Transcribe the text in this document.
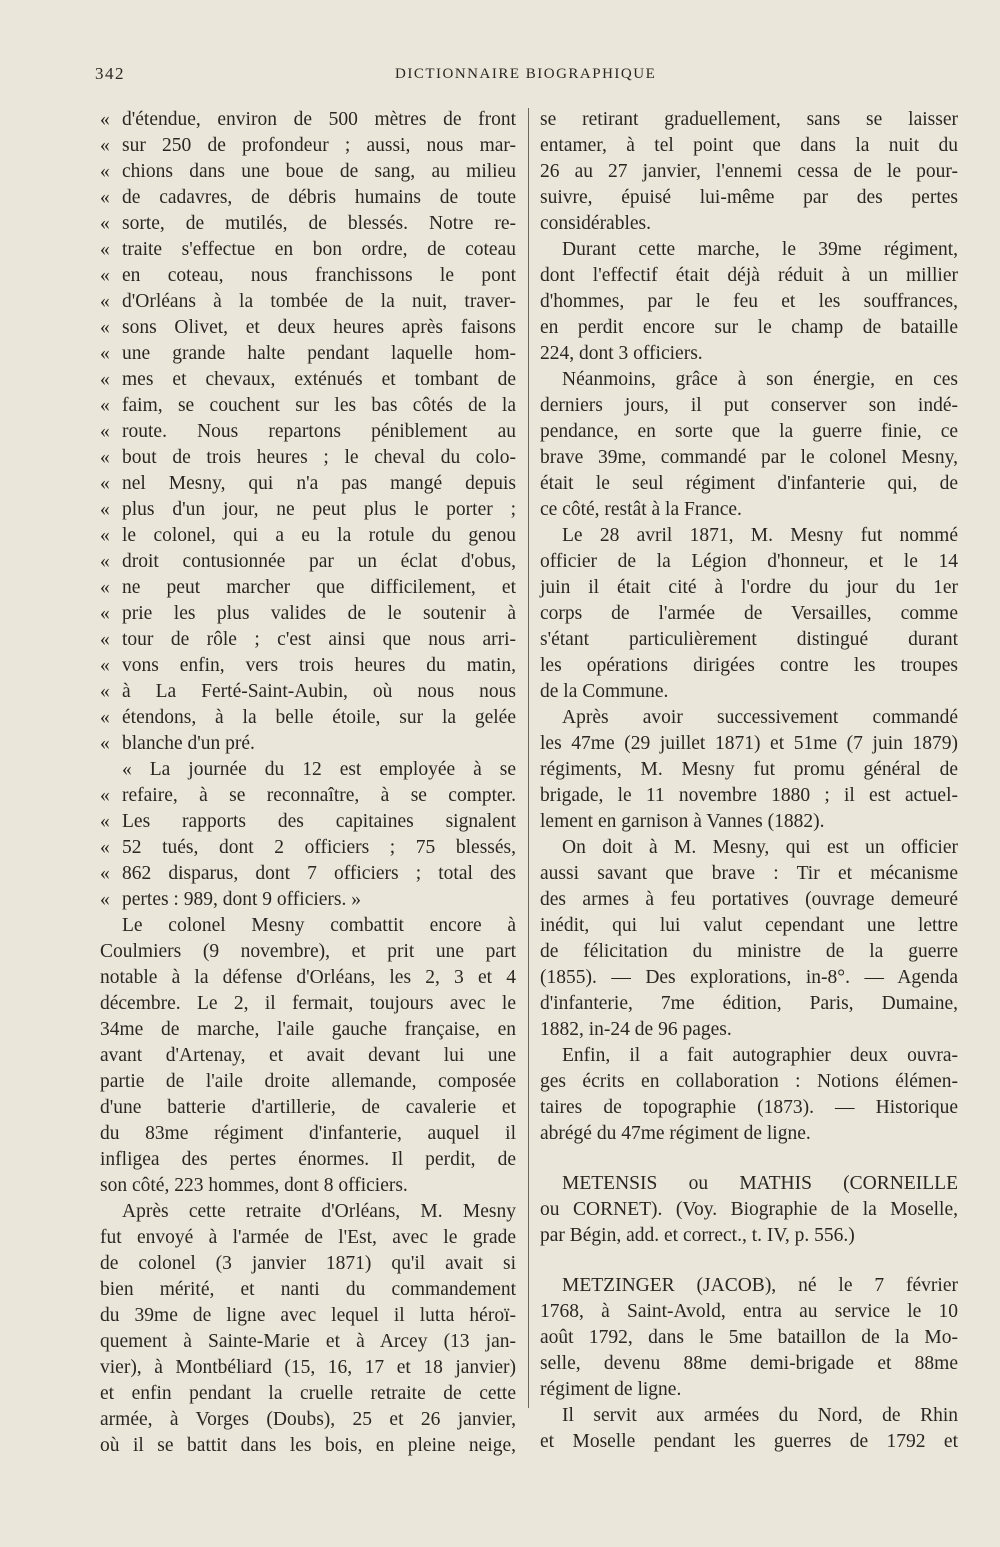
342	DICTIONNAIRE BIOGRAPHIQUE
« d'étendue, environ de 500 mètres de front
« sur 250 de profondeur ; aussi, nous mar-
« chions dans une boue de sang, au milieu
« de cadavres, de débris humains de toute
« sorte, de mutilés, de blessés. Notre re-
« traite s'effectue en bon ordre, de coteau
« en coteau, nous franchissons le pont
« d'Orléans à la tombée de la nuit, traver-
« sons Olivet, et deux heures après faisons
« une grande halte pendant laquelle hom-
« mes et chevaux, exténués et tombant de
« faim, se couchent sur les bas côtés de la
« route. Nous repartons péniblement au
« bout de trois heures ; le cheval du colo-
« nel Mesny, qui n'a pas mangé depuis
« plus d'un jour, ne peut plus le porter ;
« le colonel, qui a eu la rotule du genou
« droit contusionnée par un éclat d'obus,
« ne peut marcher que difficilement, et
« prie les plus valides de le soutenir à
« tour de rôle ; c'est ainsi que nous arri-
« vons enfin, vers trois heures du matin,
« à La Ferté-Saint-Aubin, où nous nous
« étendons, à la belle étoile, sur la gelée
« blanche d'un pré.
« La journée du 12 est employée à se
« refaire, à se reconnaître, à se compter.
« Les rapports des capitaines signalent
« 52 tués, dont 2 officiers ; 75 blessés,
« 862 disparus, dont 7 officiers ; total des
« pertes : 989, dont 9 officiers. »
Le colonel Mesny combattit encore à
Coulmiers (9 novembre), et prit une part
notable à la défense d'Orléans, les 2, 3 et 4
décembre. Le 2, il fermait, toujours avec le
34me de marche, l'aile gauche française, en
avant d'Artenay, et avait devant lui une
partie de l'aile droite allemande, composée
d'une batterie d'artillerie, de cavalerie et
du 83me régiment d'infanterie, auquel il
infligea des pertes énormes. Il perdit, de
son côté, 223 hommes, dont 8 officiers.
Après cette retraite d'Orléans, M. Mesny
fut envoyé à l'armée de l'Est, avec le grade
de colonel (3 janvier 1871) qu'il avait si
bien mérité, et nanti du commandement
du 39me de ligne avec lequel il lutta héroï-
quement à Sainte-Marie et à Arcey (13 jan-
vier), à Montbéliard (15, 16, 17 et 18 janvier)
et enfin pendant la cruelle retraite de cette
armée, à Vorges (Doubs), 25 et 26 janvier,
où il se battit dans les bois, en pleine neige,
se retirant graduellement, sans se laisser
entamer, à tel point que dans la nuit du
26 au 27 janvier, l'ennemi cessa de le pour-
suivre, épuisé lui-même par des pertes
considérables.
Durant cette marche, le 39me régiment,
dont l'effectif était déjà réduit à un millier
d'hommes, par le feu et les souffrances,
en perdit encore sur le champ de bataille
224, dont 3 officiers.
Néanmoins, grâce à son énergie, en ces
derniers jours, il put conserver son indé-
pendance, en sorte que la guerre finie, ce
brave 39me, commandé par le colonel Mesny,
était le seul régiment d'infanterie qui, de
ce côté, restât à la France.
Le 28 avril 1871, M. Mesny fut nommé
officier de la Légion d'honneur, et le 14
juin il était cité à l'ordre du jour du 1er
corps de l'armée de Versailles, comme
s'étant particulièrement distingué durant
les opérations dirigées contre les troupes
de la Commune.
Après avoir successivement commandé
les 47me (29 juillet 1871) et 51me (7 juin 1879)
régiments, M. Mesny fut promu général de
brigade, le 11 novembre 1880 ; il est actuel-
lement en garnison à Vannes (1882).
On doit à M. Mesny, qui est un officier
aussi savant que brave : Tir et mécanisme
des armes à feu portatives (ouvrage demeuré
inédit, qui lui valut cependant une lettre
de félicitation du ministre de la guerre
(1855). — Des explorations, in-8°. — Agenda
d'infanterie, 7me édition, Paris, Dumaine,
1882, in-24 de 96 pages.
Enfin, il a fait autographier deux ouvra-
ges écrits en collaboration : Notions élémen-
taires de topographie (1873). — Historique
abrégé du 47me régiment de ligne.
METENSIS ou MATHIS (CORNEILLE
ou CORNET). (Voy. Biographie de la Moselle,
par Bégin, add. et correct., t. IV, p. 556.)
METZINGER (JACOB), né le 7 février
1768, à Saint-Avold, entra au service le 10
août 1792, dans le 5me bataillon de la Mo-
selle, devenu 88me demi-brigade et 88me
régiment de ligne.
Il servit aux armées du Nord, de Rhin
et Moselle pendant les guerres de 1792 et
